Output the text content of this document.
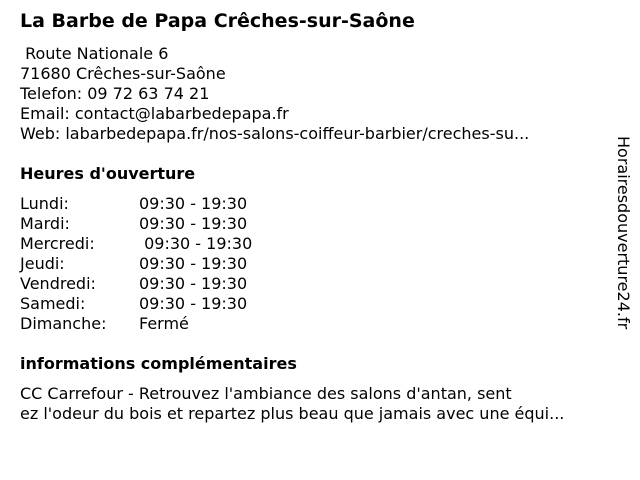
La Barbe de Papa Crêches-sur-Saône
Route Nationale 6
71680 Crêches-sur-Saône
Telefon: 09 72 63 74 21
Email: contact@labarbedepapa.fr
Web: labarbedepapa.fr/nos-salons-coiffeur-barbier/creches-su...
Heures d'ouverture
Lundi:	09:30 - 19:30
Mardi:	09:30 - 19:30
Mercredi:	09:30 - 19:30
Jeudi:	09:30 - 19:30
Vendredi:	09:30 - 19:30
Samedi:	09:30 - 19:30
Dimanche: Fermé
informations complémentaires
CC Carrefour - Retrouvez l'ambiance des salons d'antan, sent
ez l'odeur du bois et repartez plus beau que jamais avec une équi...
Horairesdouverture24.fr
